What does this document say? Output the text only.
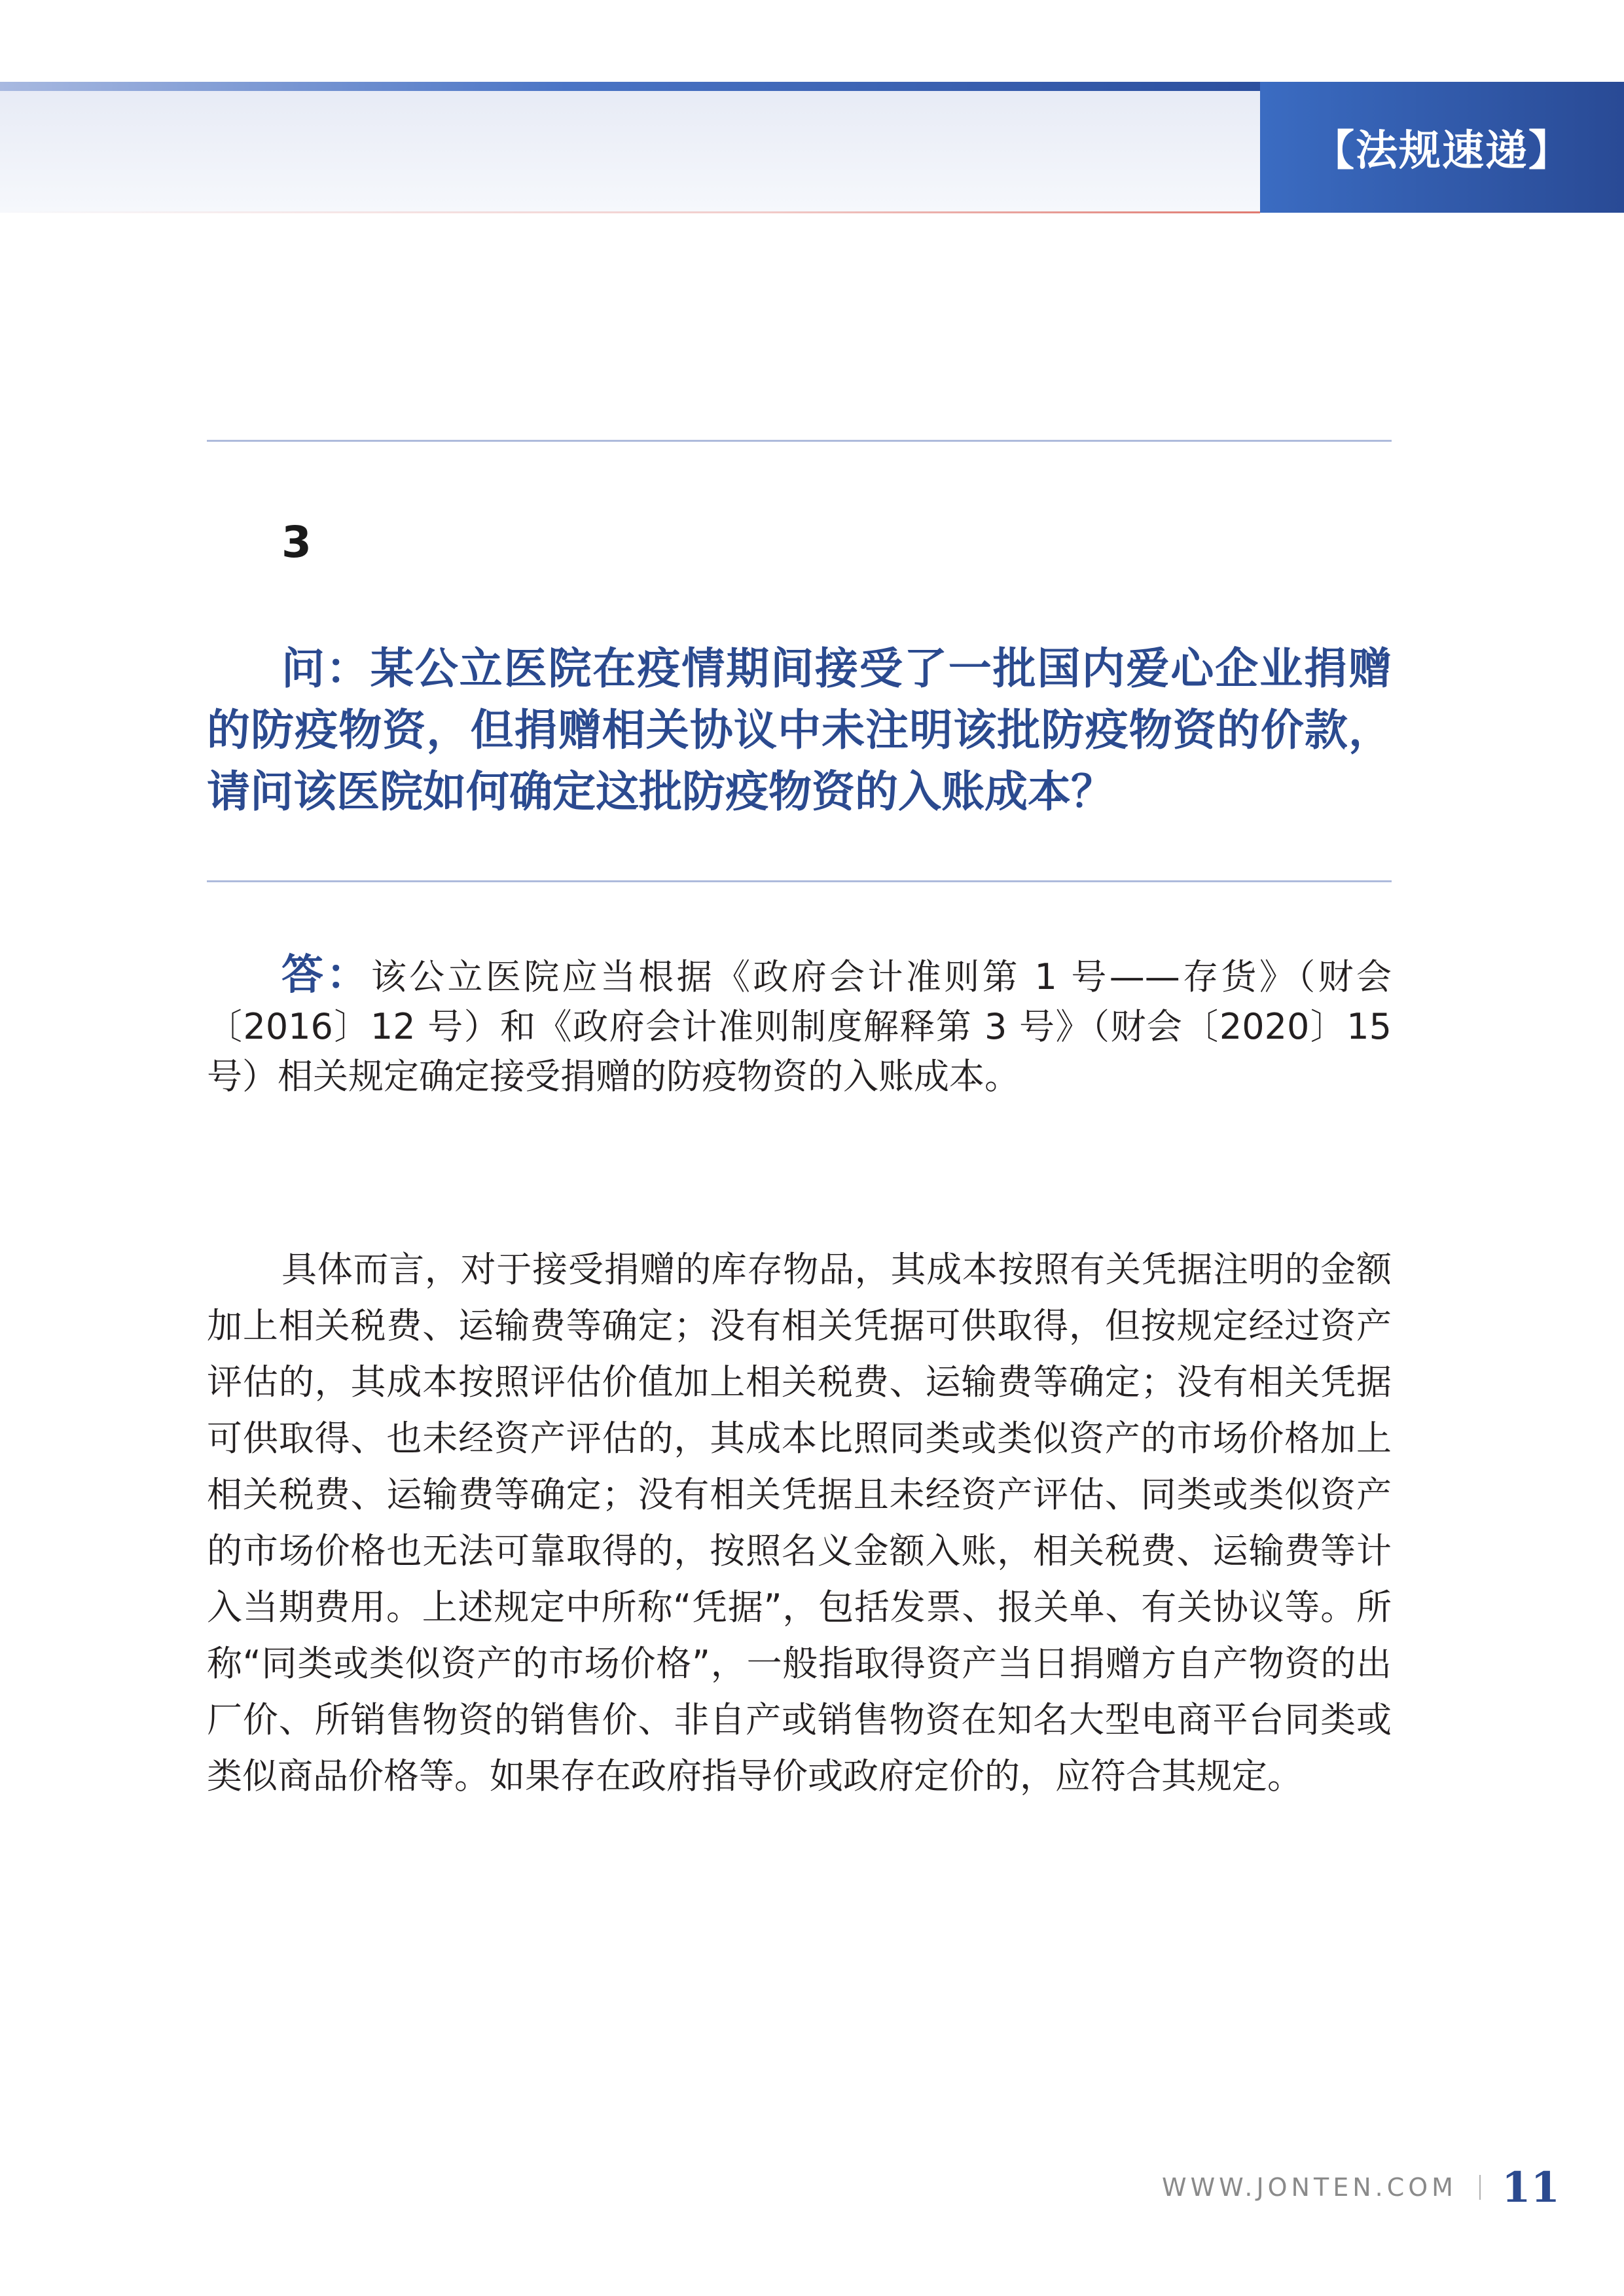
【法规速递】
3

问：某公立医院在疫情期间接受了一批国内爱心企业捐赠的防疫物资，但捐赠相关协议中未注明该批防疫物资的价款，请问该医院如何确定这批防疫物资的入账成本？

答：该公立医院应当根据《政府会计准则第 1 号——存货》（财会〔2016〕12 号）和《政府会计准则制度解释第 3 号》（财会〔2020〕15 号）相关规定确定接受捐赠的防疫物资的入账成本。

具体而言，对于接受捐赠的库存物品，其成本按照有关凭据注明的金额加上相关税费、运输费等确定；没有相关凭据可供取得，但按规定经过资产评估的，其成本按照评估价值加上相关税费、运输费等确定；没有相关凭据可供取得、也未经资产评估的，其成本比照同类或类似资产的市场价格加上相关税费、运输费等确定；没有相关凭据且未经资产评估、同类或类似资产的市场价格也无法可靠取得的，按照名义金额入账，相关税费、运输费等计入当期费用。上述规定中所称“凭据”，包括发票、报关单、有关协议等。所称“同类或类似资产的市场价格”，一般指取得资产当日捐赠方自产物资的出厂价、所销售物资的销售价、非自产或销售物资在知名大型电商平台同类或类似商品价格等。如果存在政府指导价或政府定价的，应符合其规定。

WWW.JONTEN.COM 11
